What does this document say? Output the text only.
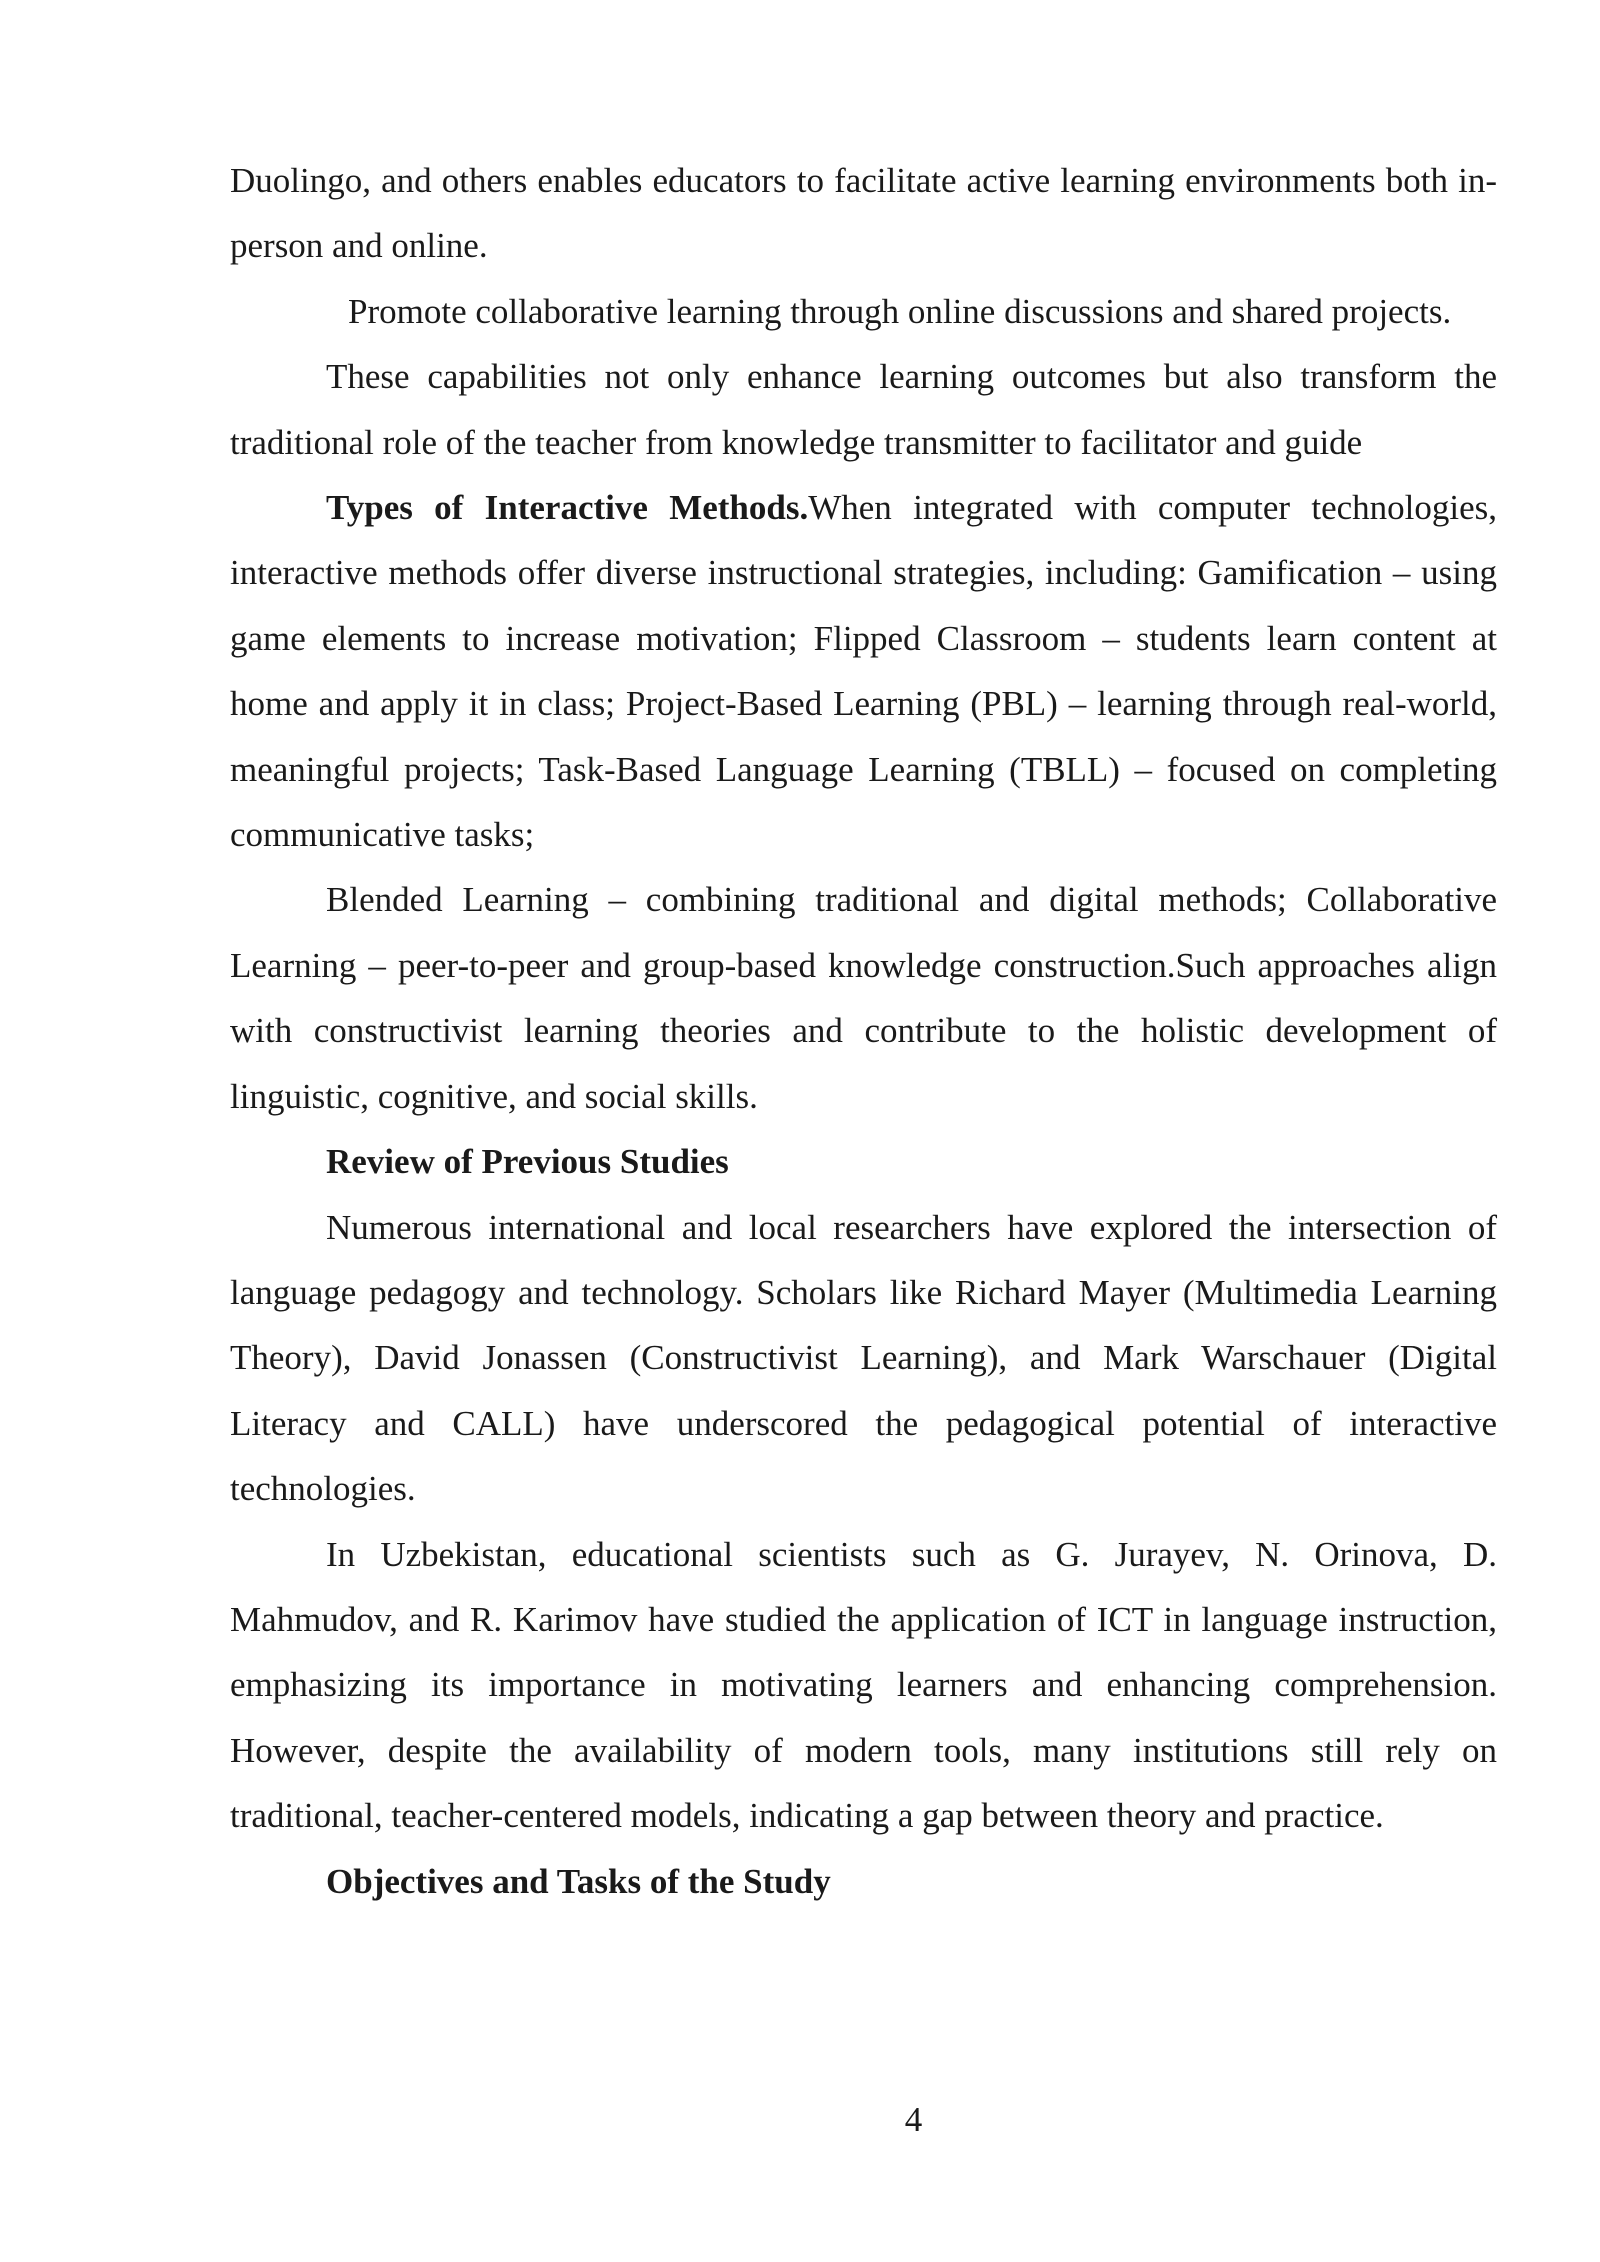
Duolingo, and others enables educators to facilitate active learning environments both in-person and online.

Promote collaborative learning through online discussions and shared projects.

These capabilities not only enhance learning outcomes but also transform the traditional role of the teacher from knowledge transmitter to facilitator and guide

Types of Interactive Methods.When integrated with computer technologies, interactive methods offer diverse instructional strategies, including: Gamification – using game elements to increase motivation; Flipped Classroom – students learn content at home and apply it in class; Project-Based Learning (PBL) – learning through real-world, meaningful projects; Task-Based Language Learning (TBLL) – focused on completing communicative tasks;

Blended Learning – combining traditional and digital methods; Collaborative Learning – peer-to-peer and group-based knowledge construction.Such approaches align with constructivist learning theories and contribute to the holistic development of linguistic, cognitive, and social skills.

Review of Previous Studies

Numerous international and local researchers have explored the intersection of language pedagogy and technology. Scholars like Richard Mayer (Multimedia Learning Theory), David Jonassen (Constructivist Learning), and Mark Warschauer (Digital Literacy and CALL) have underscored the pedagogical potential of interactive technologies.

In Uzbekistan, educational scientists such as G. Jurayev, N. Orinova, D. Mahmudov, and R. Karimov have studied the application of ICT in language instruction, emphasizing its importance in motivating learners and enhancing comprehension. However, despite the availability of modern tools, many institutions still rely on traditional, teacher-centered models, indicating a gap between theory and practice.

Objectives and Tasks of the Study

4
